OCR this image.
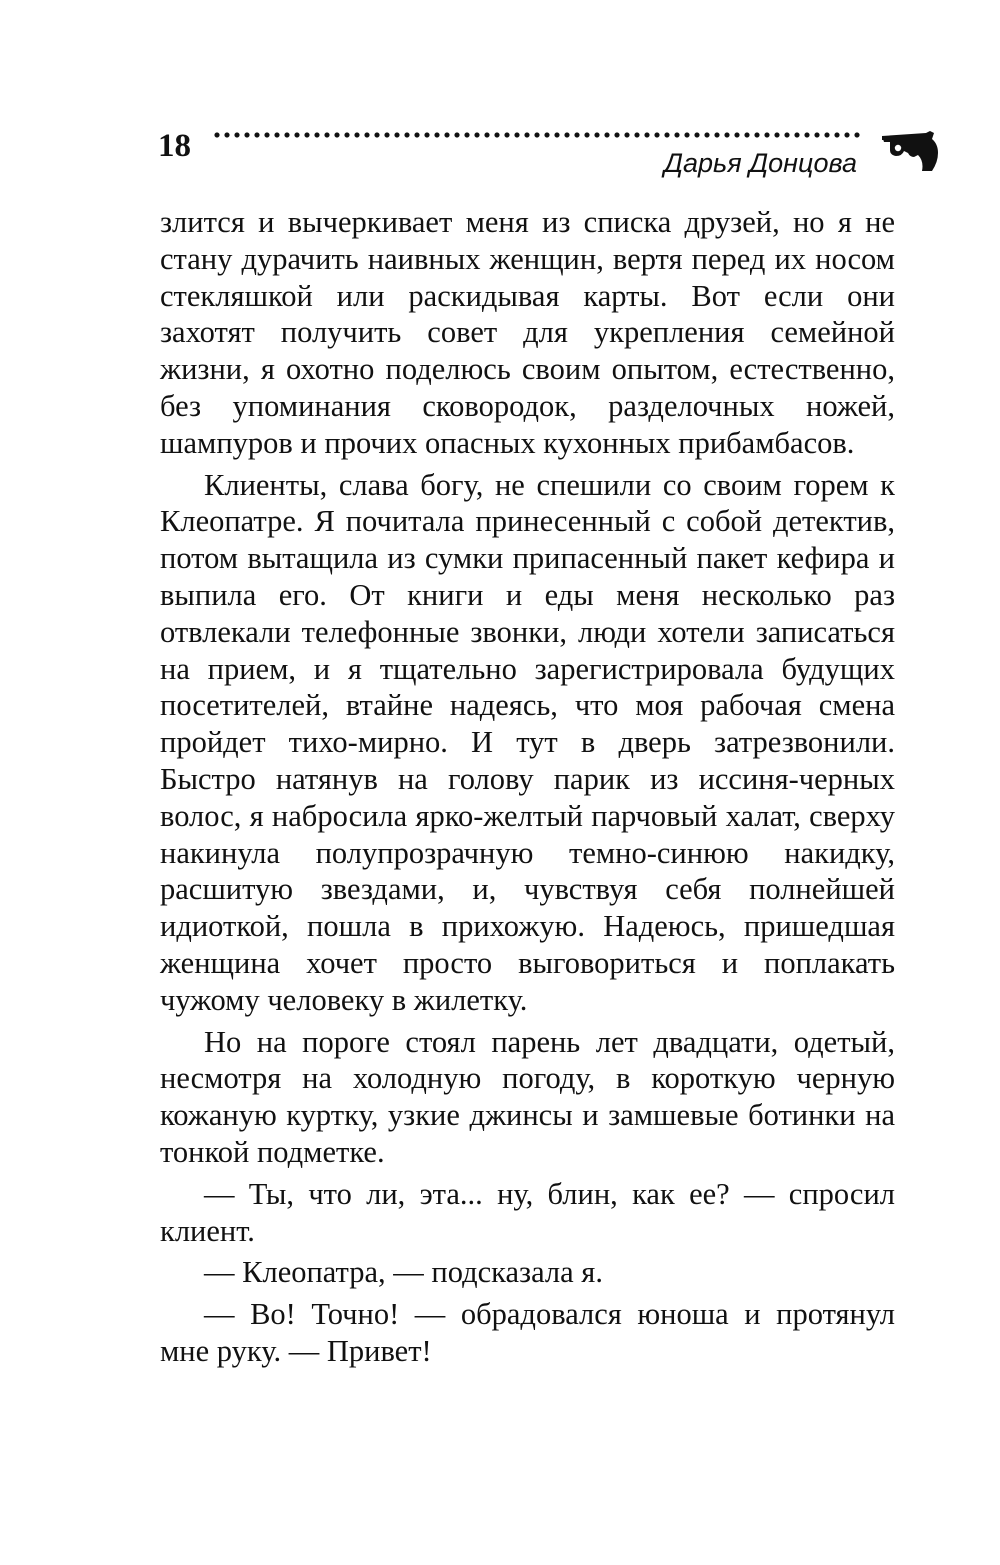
18	Дарья Донцова

злится и вычеркивает меня из списка друзей, но я не стану дурачить наивных женщин, вертя перед их носом стекляшкой или раскидывая карты. Вот если они захотят получить совет для укрепления семейной жизни, я охотно поделюсь своим опытом, естественно, без упоминания сковородок, разделочных ножей, шампуров и прочих опасных кухонных прибамбасов.

Клиенты, слава богу, не спешили со своим горем к Клеопатре. Я почитала принесенный с собой детектив, потом вытащила из сумки припасенный пакет кефира и выпила его. От книги и еды меня несколько раз отвлекали телефонные звонки, люди хотели записаться на прием, и я тщательно зарегистрировала будущих посетителей, втайне надеясь, что моя рабочая смена пройдет тихо-мирно. И тут в дверь затрезвонили. Быстро натянув на голову парик из иссиня-черных волос, я набросила ярко-желтый парчовый халат, сверху накинула полупрозрачную темно-синюю накидку, расшитую звездами, и, чувствуя себя полнейшей идиоткой, пошла в прихожую. Надеюсь, пришедшая женщина хочет просто выговориться и поплакать чужому человеку в жилетку.

Но на пороге стоял парень лет двадцати, одетый, несмотря на холодную погоду, в короткую черную кожаную куртку, узкие джинсы и замшевые ботинки на тонкой подметке.

— Ты, что ли, эта... ну, блин, как ее? — спросил клиент.

— Клеопатра, — подсказала я.

— Во! Точно! — обрадовался юноша и протянул мне руку. — Привет!
